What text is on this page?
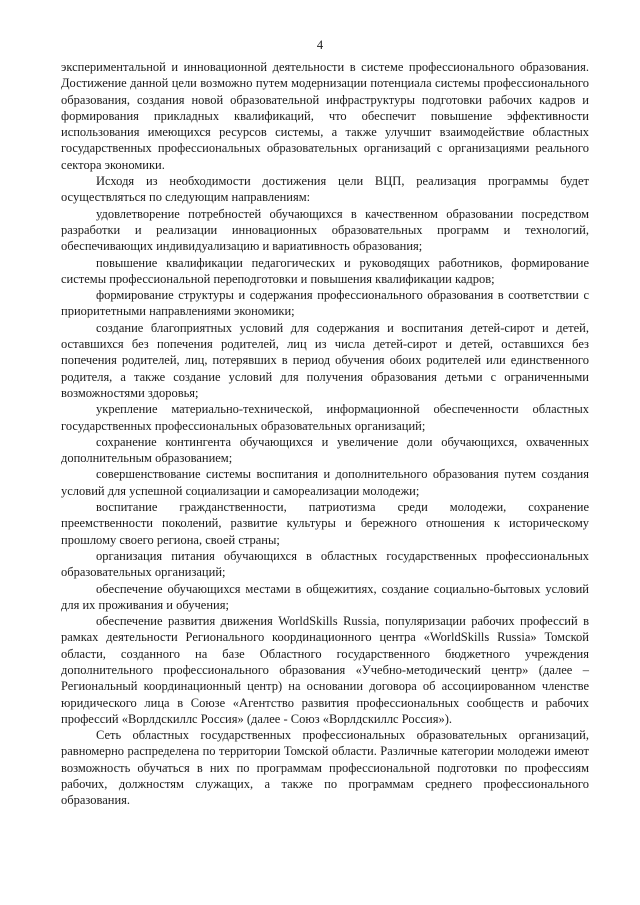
4

экспериментальной и инновационной деятельности в системе профессионального образования. Достижение данной цели возможно путем модернизации потенциала системы профессионального образования, создания новой образовательной инфраструктуры подготовки рабочих кадров и формирования прикладных квалификаций, что обеспечит повышение эффективности использования имеющихся ресурсов системы, а также улучшит взаимодействие областных государственных профессиональных образовательных организаций с организациями реального сектора экономики.

Исходя из необходимости достижения цели ВЦП, реализация программы будет осуществляться по следующим направлениям:

удовлетворение потребностей обучающихся в качественном образовании посредством разработки и реализации инновационных образовательных программ и технологий, обеспечивающих индивидуализацию и вариативность образования;

повышение квалификации педагогических и руководящих работников, формирование системы профессиональной переподготовки и повышения квалификации кадров;

формирование структуры и содержания профессионального образования в соответствии с приоритетными направлениями экономики;

создание благоприятных условий для содержания и воспитания детей-сирот и детей, оставшихся без попечения родителей, лиц из числа детей-сирот и детей, оставшихся без попечения родителей, лиц, потерявших в период обучения обоих родителей или единственного родителя, а также создание условий для получения образования детьми с ограниченными возможностями здоровья;

укрепление материально-технической, информационной обеспеченности областных государственных профессиональных образовательных организаций;

сохранение контингента обучающихся и увеличение доли обучающихся, охваченных дополнительным образованием;

совершенствование системы воспитания и дополнительного образования путем создания условий для успешной социализации и самореализации молодежи;

воспитание гражданственности, патриотизма среди молодежи, сохранение преемственности поколений, развитие культуры и бережного отношения к историческому прошлому своего региона, своей страны;

организация питания обучающихся в областных государственных профессиональных образовательных организаций;

обеспечение обучающихся местами в общежитиях, создание социально-бытовых условий для их проживания и обучения;

обеспечение развития движения WorldSkills Russia, популяризации рабочих профессий в рамках деятельности Регионального координационного центра «WorldSkills Russia» Томской области, созданного на базе Областного государственного бюджетного учреждения дополнительного профессионального образования «Учебно-методический центр» (далее – Региональный координационный центр) на основании договора об ассоциированном членстве юридического лица в Союзе «Агентство развития профессиональных сообществ и рабочих профессий «Ворлдскиллс Россия» (далее - Союз «Ворлдскиллс Россия»).

Сеть областных государственных профессиональных образовательных организаций, равномерно распределена по территории Томской области. Различные категории молодежи имеют возможность обучаться в них по программам профессиональной подготовки по профессиям рабочих, должностям служащих, а также по программам среднего профессионального образования.
